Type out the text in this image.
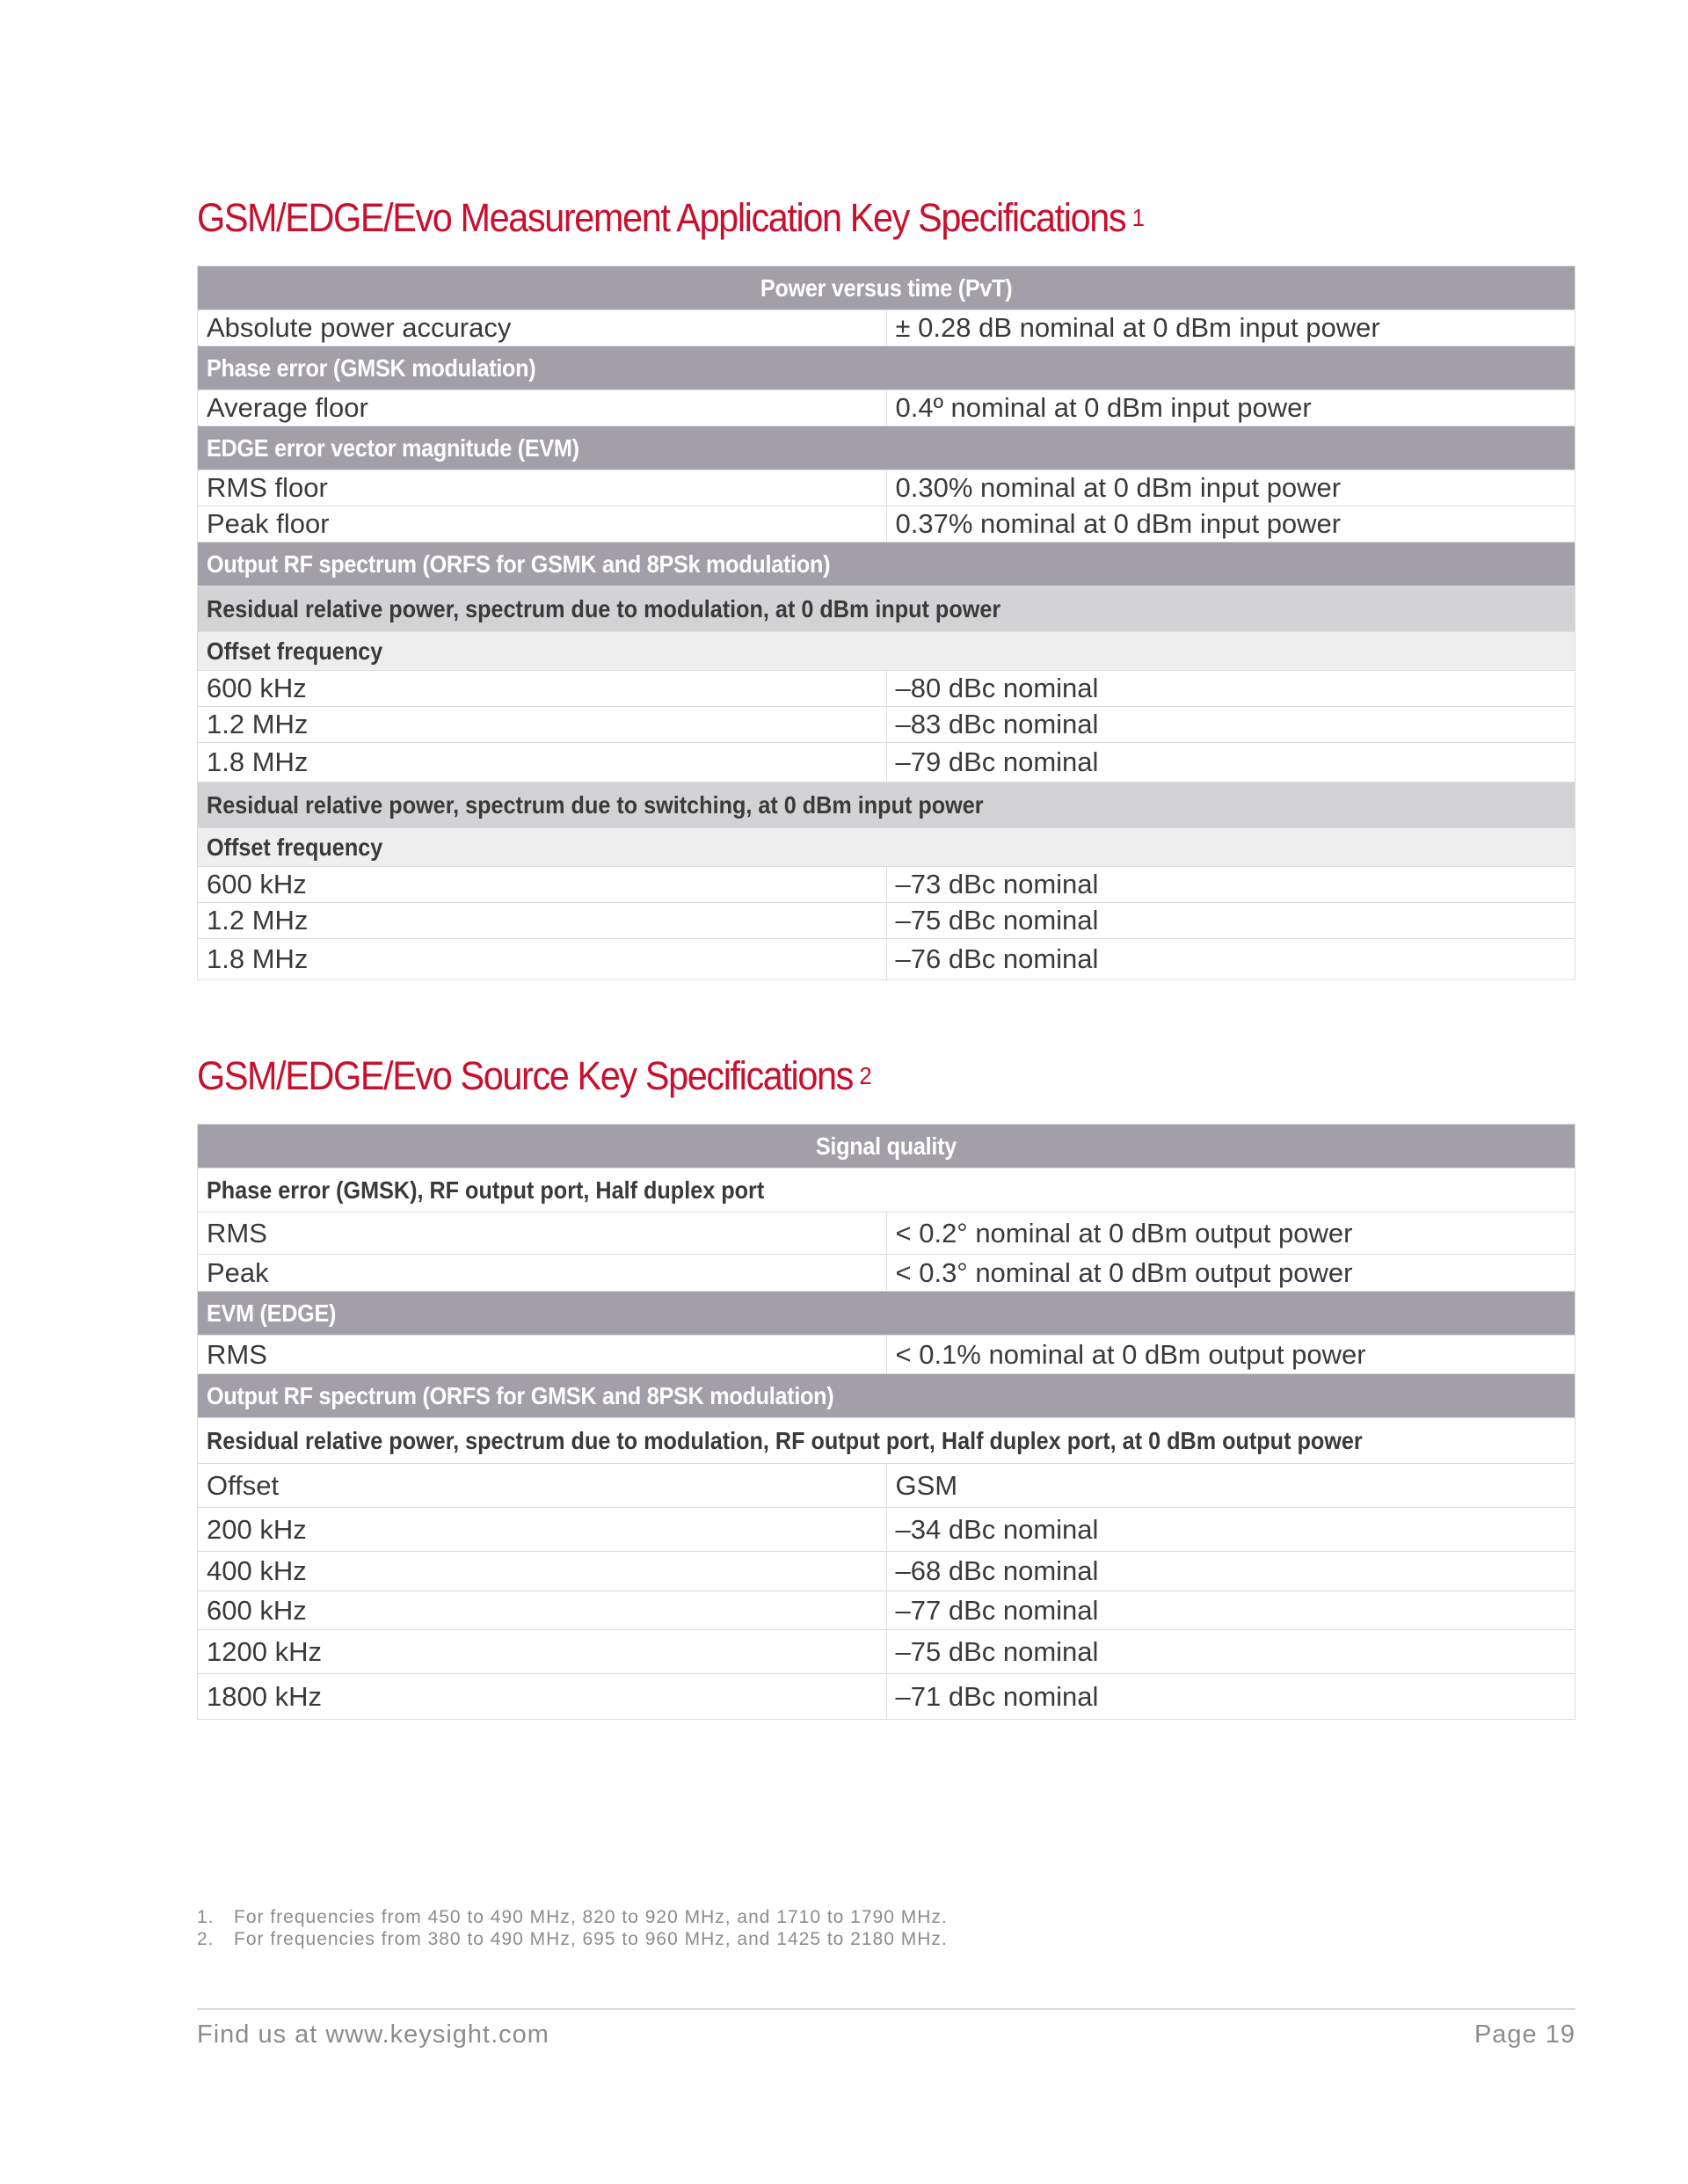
GSM/EDGE/Evo Measurement Application Key Specifications $^1$
Power versus time (PvT)	
Absolute power accuracy	± 0.28 dB nominal at 0 dBm input power
Phase error (GMSK modulation)	
Average floor	0.4º nominal at 0 dBm input power
EDGE error vector magnitude (EVM)	
RMS floor	0.30% nominal at 0 dBm input power
Peak floor	0.37% nominal at 0 dBm input power
Output RF spectrum (ORFS for GSMK and 8PSk modulation)	
Residual relative power, spectrum due to modulation, at 0 dBm input power	
Offset frequency	
600 kHz	–80 dBc nominal
1.2 MHz	–83 dBc nominal
1.8 MHz	–79 dBc nominal
Residual relative power, spectrum due to switching, at 0 dBm input power	
Offset frequency	
600 kHz	–73 dBc nominal
1.2 MHz	–75 dBc nominal
1.8 MHz	–76 dBc nominal
GSM/EDGE/Evo Source Key Specifications $^2$
Signal quality	
Phase error (GMSK), RF output port, Half duplex port	
RMS	< 0.2° nominal at 0 dBm output power
Peak	< 0.3° nominal at 0 dBm output power
EVM (EDGE)	
RMS	< 0.1% nominal at 0 dBm output power
Output RF spectrum (ORFS for GMSK and 8PSK modulation)	
Residual relative power, spectrum due to modulation, RF output port, Half duplex port, at 0 dBm output power	
Offset	GSM
200 kHz	–34 dBc nominal
400 kHz	–68 dBc nominal
600 kHz	–77 dBc nominal
1200 kHz	–75 dBc nominal
1800 kHz	–71 dBc nominal
1. For frequencies from 450 to 490 MHz, 820 to 920 MHz, and 1710 to 1790 MHz.
2. For frequencies from 380 to 490 MHz, 695 to 960 MHz, and 1425 to 2180 MHz.
Find us at www.keysight.com	Page 19
